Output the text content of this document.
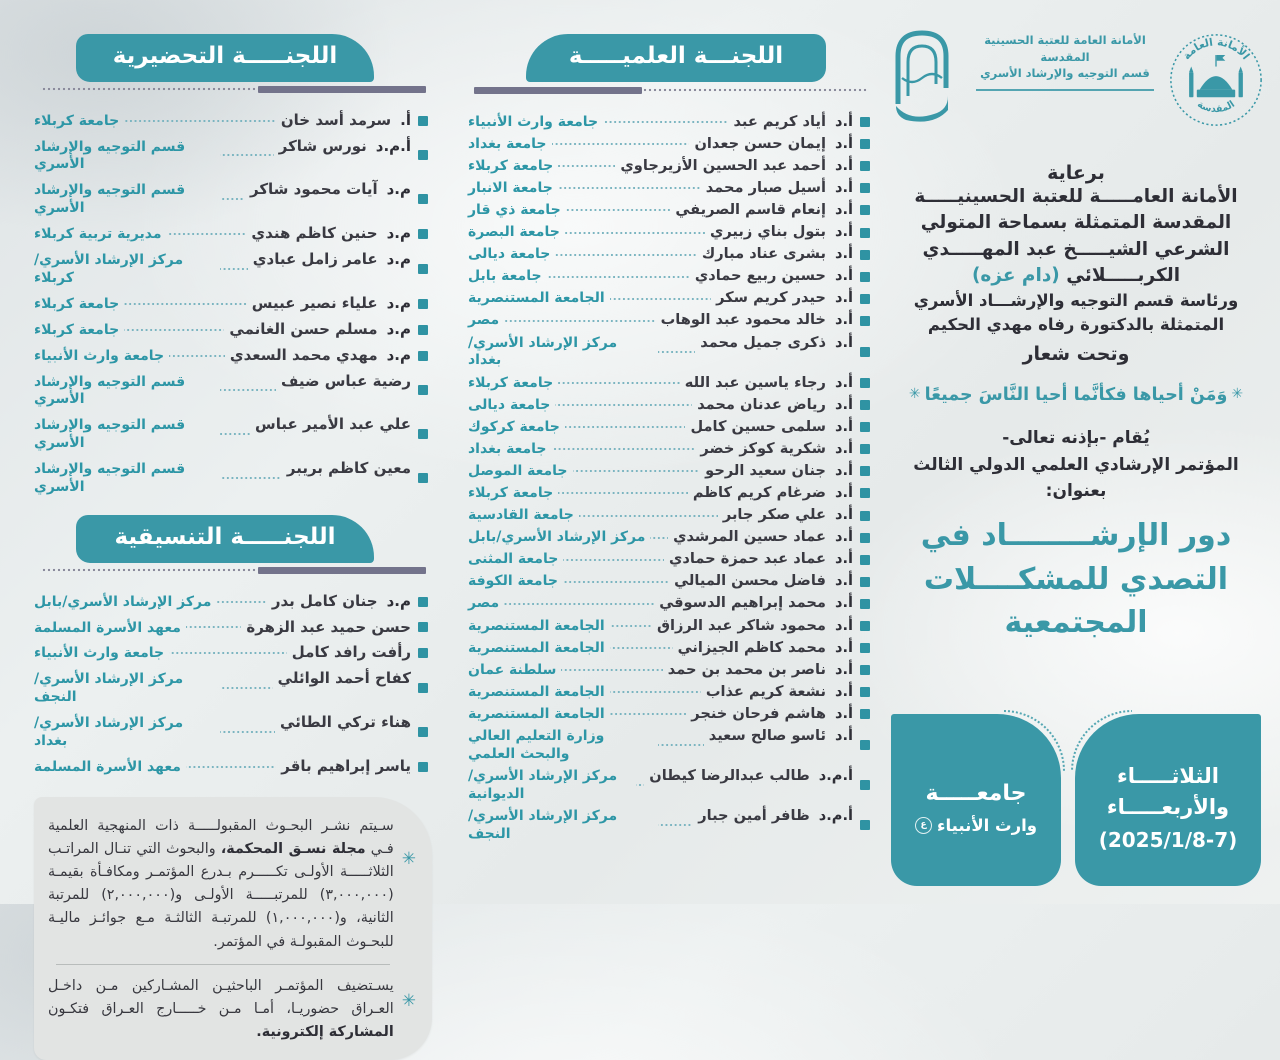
الأمانة العامة
المقدسة
الأمانة العامة للعتبة الحسينية المقدسة
قسم التوجيه والإرشاد الأسري
برعاية
الأمانة العامـــــة للعتبة الحسينيـــــة
المقدسة المتمثلة بسماحة المتولي
الشرعي الشيـــــخ عبد المهـــــدي
الكربـــــلائي (دام عزه)
ورئاسة قسم التوجيه والإرشـــاد الأسري
المتمثلة بالدكتورة رفاه مهدي الحكيم
وتحت شعار
✳وَمَنْ أحياها فكأنَّما أحيا النَّاسَ جميعًا✳
يُقام -بإذنه تعالى-
المؤتمر الإرشادي العلمي الدولي الثالث
بعنوان:
دور الإرشــــــــاد في
التصدي للمشكــــلات
المجتمعية
الثلاثـــــاء
والأربعـــــاء
(2025/1/8-7)
جامعـــــة
وارث الأنبياء
ع
اللجنـــة العلميـــــة
أ.د
أياد كريم عبد
جامعة وارث الأنبياء
أ.د
إيمان حسن جعدان
جامعة بغداد
أ.د
أحمد عبد الحسين الأزيرجاوي
جامعة كربلاء
أ.د
أسيل صبار محمد
جامعة الانبار
أ.د
إنعام قاسم الصريفي
جامعة ذي قار
أ.د
بتول بناي زبيري
جامعة البصرة
أ.د
بشرى عناد مبارك
جامعة ديالى
أ.د
حسين ربيع حمادي
جامعة بابل
أ.د
حيدر كريم سكر
الجامعة المستنصرية
أ.د
خالد محمود عبد الوهاب
مصر
أ.د
ذكرى جميل محمد
مركز الإرشاد الأسري/ بغداد
أ.د
رجاء ياسين عبد الله
جامعة كربلاء
أ.د
رياض عدنان محمد
جامعة ديالى
أ.د
سلمى حسين كامل
جامعة كركوك
أ.د
شكرية كوكز خضر
جامعة بغداد
أ.د
جنان سعيد الرحو
جامعة الموصل
أ.د
ضرغام كريم كاظم
جامعة كربلاء
أ.د
علي صكر جابر
جامعة القادسية
أ.د
عماد حسين المرشدي
مركز الإرشاد الأسري/بابل
أ.د
عماد عبد حمزة حمادي
جامعة المثنى
أ.د
فاضل محسن الميالي
جامعة الكوفة
أ.د
محمد إبراهيم الدسوقي
مصر
أ.د
محمود شاكر عبد الرزاق
الجامعة المستنصرية
أ.د
محمد كاظم الجيزاني
الجامعة المستنصرية
أ.د
ناصر بن محمد بن حمد
سلطنة عمان
أ.د
نشعة كريم عذاب
الجامعة المستنصرية
أ.د
هاشم فرحان خنجر
الجامعة المستنصرية
أ.د
ئاسو صالح سعيد
وزارة التعليم العالي والبحث العلمي
أ.م.د
طالب عبدالرضا كيطان
مركز الإرشاد الأسري/الديوانية
أ.م.د
ظافر أمين جبار
مركز الإرشاد الأسري/النجف
اللجنـــــة التحضيرية
أ.
سرمد أسد خان
جامعة كربلاء
أ.م.د
نورس شاكر
قسم التوجيه والإرشاد الأسري
م.د
آيات محمود شاكر
قسم التوجيه والإرشاد الأسري
م.د
حنين كاظم هندي
مديرية تربية كربلاء
م.د
عامر زامل عبادي
مركز الإرشاد الأسري/كربلاء
م.د
علياء نصير عبيس
جامعة كربلاء
م.د
مسلم حسن الغانمي
جامعة كربلاء
م.د
مهدي محمد السعدي
جامعة وارث الأنبياء
رضية عباس ضيف
قسم التوجيه والإرشاد الأسري
علي عبد الأمير عباس
قسم التوجيه والإرشاد الأسري
معين كاظم بريبر
قسم التوجيه والإرشاد الأسري
اللجنـــــة التنسيقية
م.د
جنان كامل بدر
مركز الإرشاد الأسري/بابل
حسن حميد عبد الزهرة
معهد الأسرة المسلمة
رأفت رافد كامل
جامعة وارث الأنبياء
كفاح أحمد الوائلي
مركز الإرشاد الأسري/النجف
هناء تركي الطائي
مركز الإرشاد الأسري/بغداد
ياسر إبراهيم باقر
معهد الأسرة المسلمة
✳
سـيتم نشـر البحـوث المقبولـــــة ذات المنهجية العلمية فـي مجلة نسـق المحكمة، والبحوث التي تنـال المراتـب الثلاثـــــة الأولـى تكـــــرم بـدرع المؤتمـر ومكافـأة بقيمـة (٣,٠٠٠,٠٠٠) للمرتبـــــة الأولـى و(٢,٠٠٠,٠٠٠) للمرتبة الثانية، و(١,٠٠٠,٠٠٠) للمرتبـة الثالثـة مـع جوائـز ماليـة للبحـوث المقبولـة في المؤتمر.
✳
يسـتضيف المؤتمـر الباحثيـن المشـاركين مـن داخـل العـراق حضوريـا، أمـا مـن خـــــارج العـراق فتكـون المشاركة إلكترونية.
